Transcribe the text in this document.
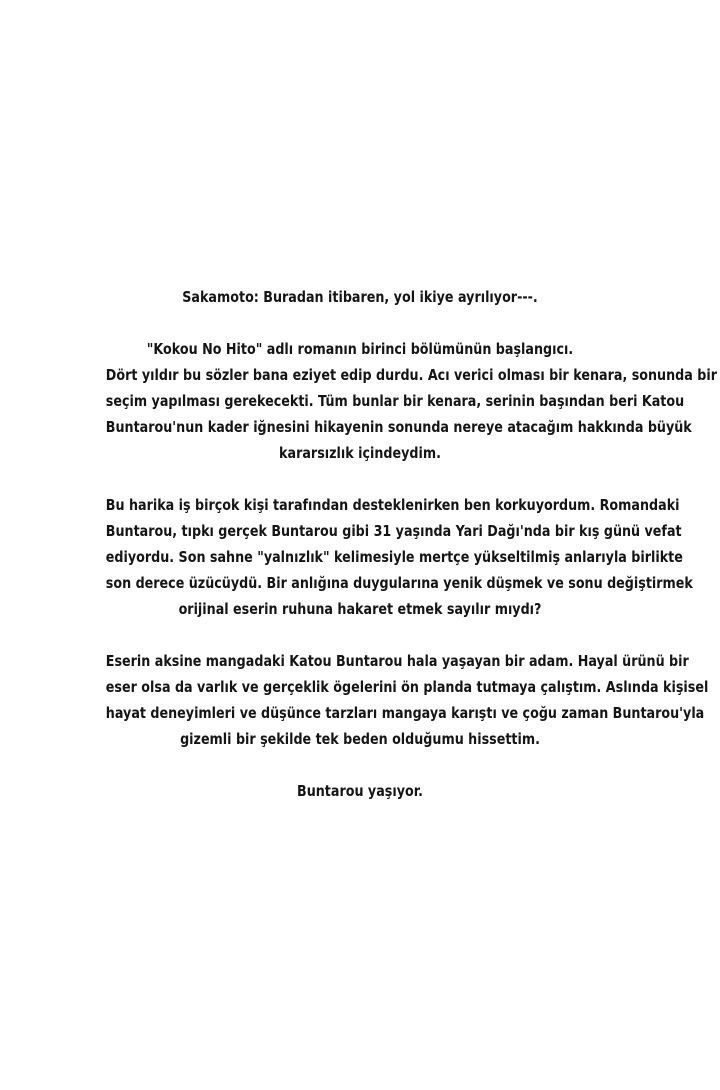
Sakamoto: Buradan itibaren, yol ikiye ayrılıyor---.

"Kokou No Hito" adlı romanın birinci bölümünün başlangıcı.
Dört yıldır bu sözler bana eziyet edip durdu. Acı verici olması bir kenara, sonunda bir
seçim yapılması gerekecekti. Tüm bunlar bir kenara, serinin başından beri Katou
Buntarou'nun kader iğnesini hikayenin sonunda nereye atacağım hakkında büyük
kararsızlık içindeydim.

Bu harika iş birçok kişi tarafından desteklenirken ben korkuyordum. Romandaki
Buntarou, tıpkı gerçek Buntarou gibi 31 yaşında Yari Dağı'nda bir kış günü vefat
ediyordu. Son sahne "yalnızlık" kelimesiyle mertçe yükseltilmiş anlarıyla birlikte
son derece üzücüydü. Bir anlığına duygularına yenik düşmek ve sonu değiştirmek
orijinal eserin ruhuna hakaret etmek sayılır mıydı?

Eserin aksine mangadaki Katou Buntarou hala yaşayan bir adam. Hayal ürünü bir
eser olsa da varlık ve gerçeklik ögelerini ön planda tutmaya çalıştım. Aslında kişisel
hayat deneyimleri ve düşünce tarzları mangaya karıştı ve çoğu zaman Buntarou'yla
gizemli bir şekilde tek beden olduğumu hissettim.

Buntarou yaşıyor.
